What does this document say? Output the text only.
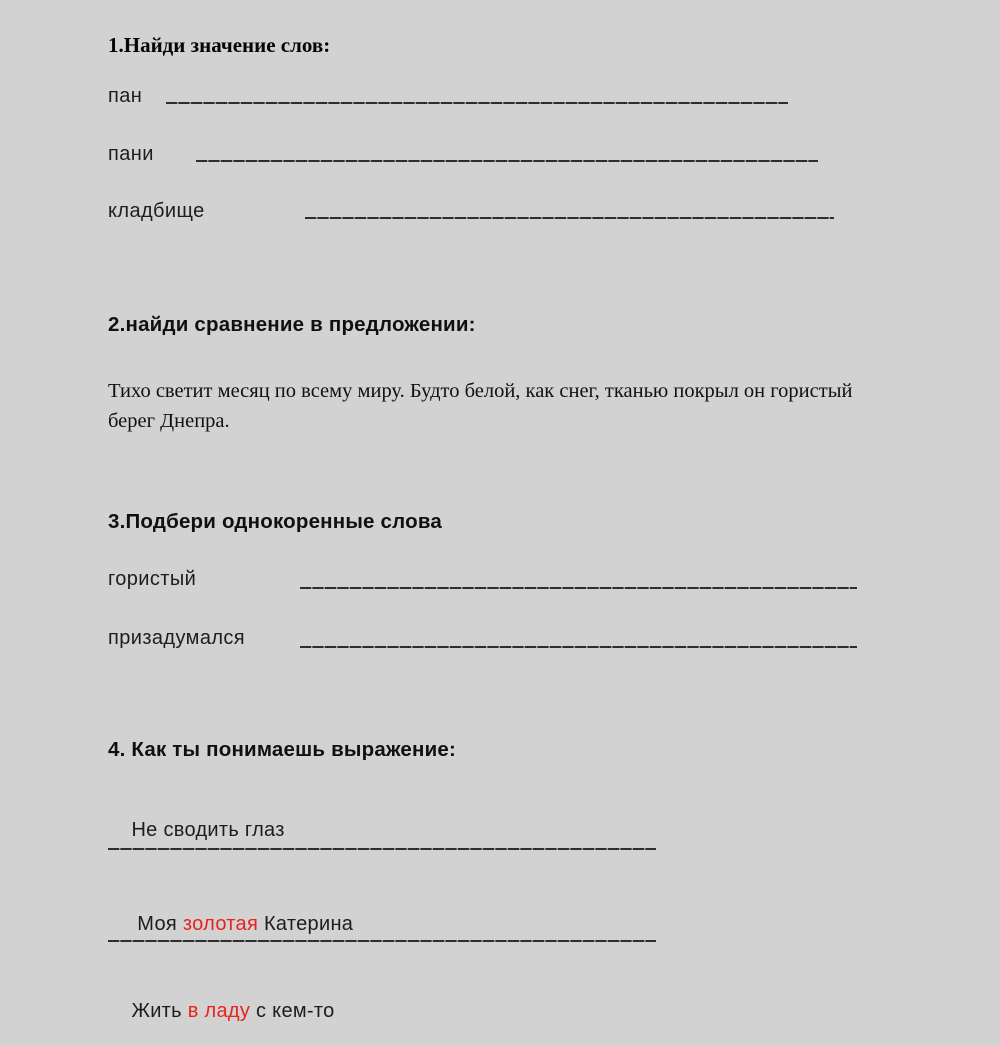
1.Найди значение слов:
пан
пани
кладбище
2.найди сравнение в предложении:

Тихо светит месяц по всему миру. Будто белой, как снег, тканью покрыл он гористый берег Днепра.

3.Подбери однокоренные слова
гористый
призадумался
4. Как ты понимаешь выражение:

Не сводить глаз

Моя золотая Катерина

Жить в ладу с кем-то
